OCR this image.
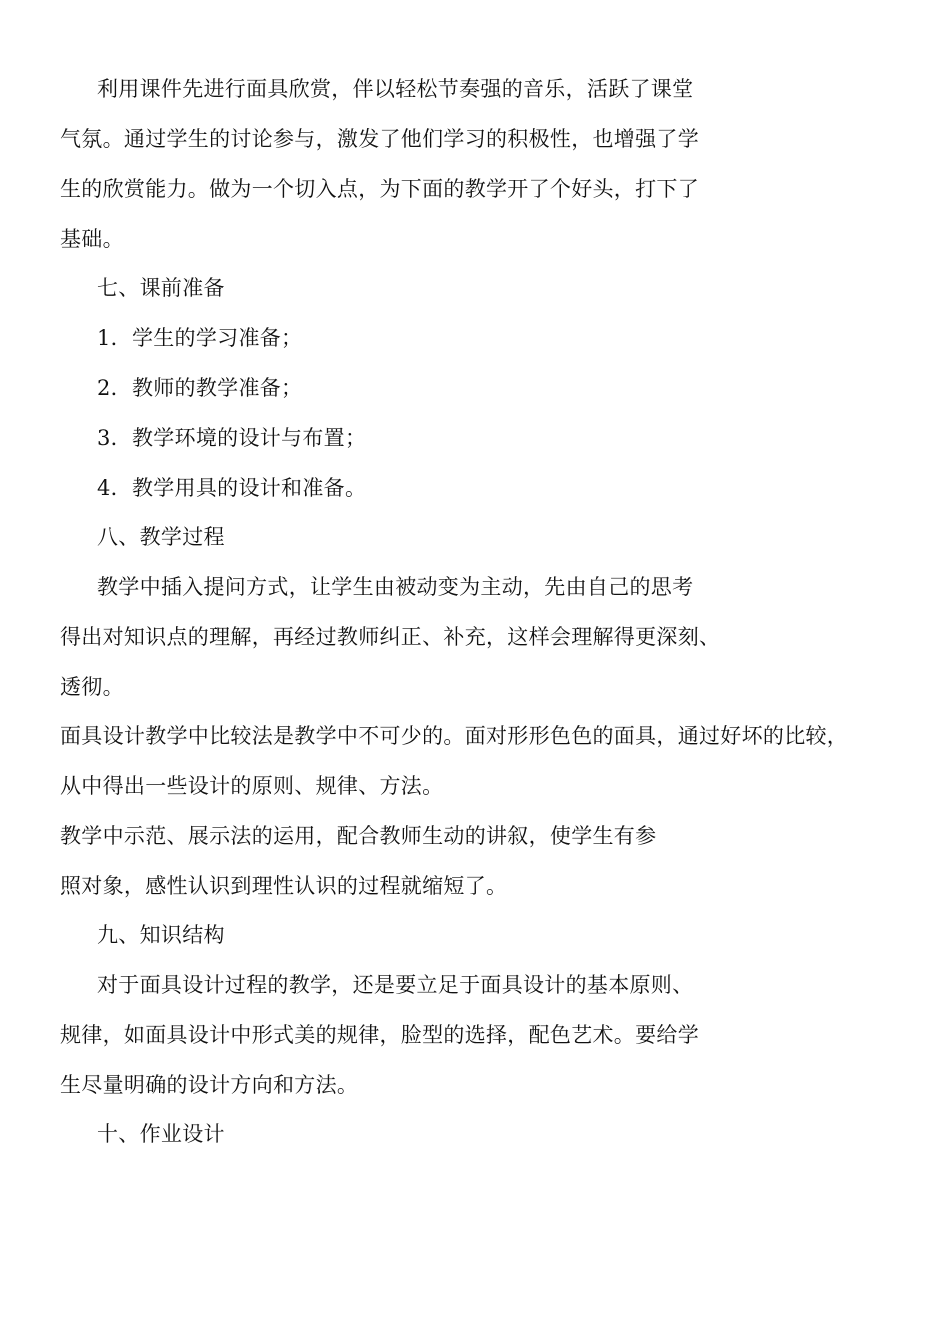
利用课件先进行面具欣赏，伴以轻松节奏强的音乐，活跃了课堂
气氛。通过学生的讨论参与，激发了他们学习的积极性，也增强了学
生的欣赏能力。做为一个切入点，为下面的教学开了个好头，打下了
基础。
七、课前准备
1．学生的学习准备；
2．教师的教学准备；
3．教学环境的设计与布置；
4．教学用具的设计和准备。
八、教学过程
教学中插入提问方式，让学生由被动变为主动，先由自己的思考
得出对知识点的理解，再经过教师纠正、补充，这样会理解得更深刻、
透彻。
面具设计教学中比较法是教学中不可少的。面对形形色色的面具，通过好坏的比较，
从中得出一些设计的原则、规律、方法。
教学中示范、展示法的运用，配合教师生动的讲叙，使学生有参
照对象，感性认识到理性认识的过程就缩短了。
九、知识结构
对于面具设计过程的教学，还是要立足于面具设计的基本原则、
规律，如面具设计中形式美的规律，脸型的选择，配色艺术。要给学
生尽量明确的设计方向和方法。
十、作业设计
